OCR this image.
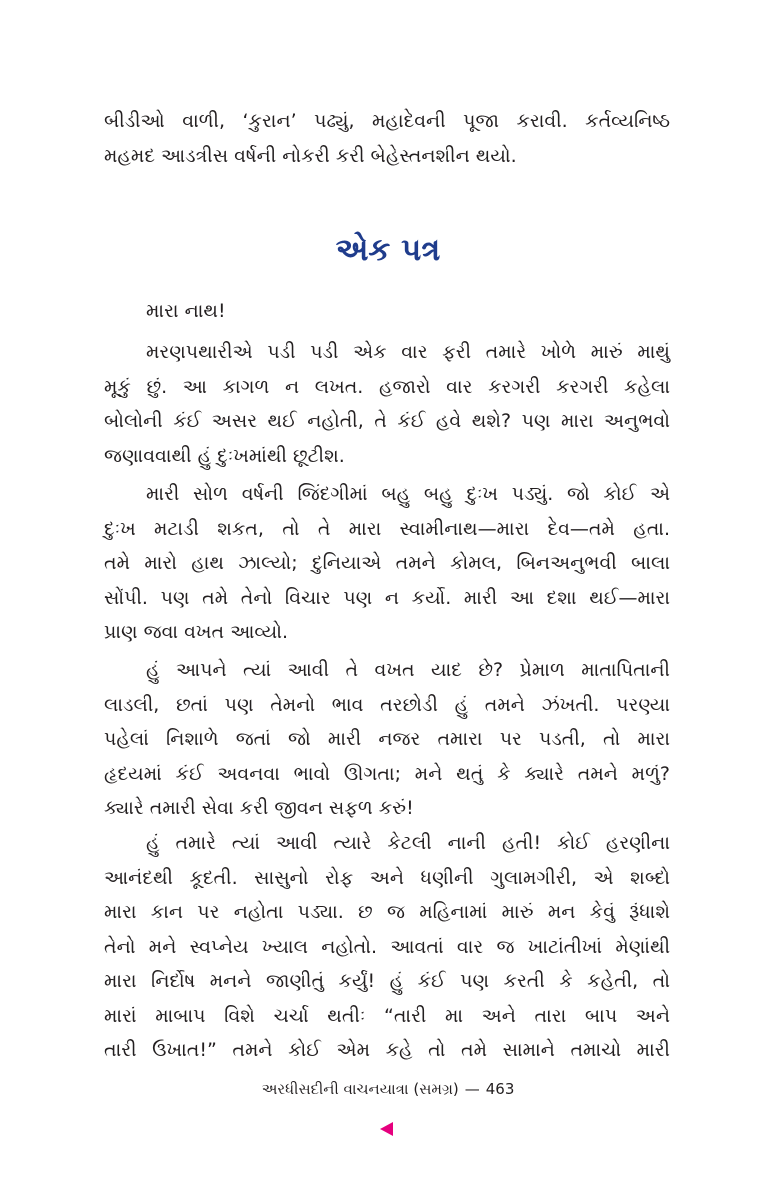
બીડીઓ વાળી, ‘કુરાન’ પઢ્યું, મહાદેવની પૂજા કરાવી. કર્તવ્યનિષ્ઠ
મહમદ આડત્રીસ વર્ષની નોકરી કરી બેહેસ્તનશીન થયો.
એક પત્ર
મારા નાથ!
મરણપથારીએ પડી પડી એક વાર ફરી તમારે ખોળે મારું માથું
મૂકું છું. આ કાગળ ન લખત. હજારો વાર કરગરી કરગરી કહેલા
બોલોની કંઈ અસર થઈ નહોતી, તે કંઈ હવે થશે? પણ મારા અનુભવો
જણાવવાથી હું દુઃખમાંથી છૂટીશ.
મારી સોળ વર્ષની જિંદગીમાં બહુ બહુ દુઃખ પડ્યું. જો કોઈ એ
દુઃખ મટાડી શકત, તો તે મારા સ્વામીનાથ—મારા દેવ—તમે હતા.
તમે મારો હાથ ઝાલ્યો; દુનિયાએ તમને કોમલ, બિનઅનુભવી બાલા
સોંપી. પણ તમે તેનો વિચાર પણ ન કર્યો. મારી આ દશા થઈ—મારા
પ્રાણ જવા વખત આવ્યો.
હું આપને ત્યાં આવી તે વખત યાદ છે? પ્રેમાળ માતાપિતાની
લાડલી, છતાં પણ તેમનો ભાવ તરછોડી હું તમને ઝંખતી. પરણ્યા
પહેલાં નિશાળે જતાં જો મારી નજર તમારા પર પડતી, તો મારા
હૃદયમાં કંઈ અવનવા ભાવો ઊગતા; મને થતું કે ક્યારે તમને મળું?
ક્યારે તમારી સેવા કરી જીવન સફળ કરું!
હું તમારે ત્યાં આવી ત્યારે કેટલી નાની હતી! કોઈ હરણીના
આનંદથી કૂદતી. સાસુનો રોફ અને ધણીની ગુલામગીરી, એ શબ્દો
મારા કાન પર નહોતા પડ્યા. છ જ મહિનામાં મારું મન કેવું રૂંધાશે
તેનો મને સ્વપ્નેય ખ્યાલ નહોતો. આવતાં વાર જ ખાટાંતીખાં મેણાંથી
મારા નિર્દોષ મનને જાણીતું કર્યું! હું કંઈ પણ કરતી કે કહેતી, તો
મારાં માબાપ વિશે ચર્ચા થતીઃ “તારી મા અને તારા બાપ અને
તારી ઉખાત!” તમને કોઈ એમ કહે તો તમે સામાને તમાચો મારી
અરધીસદીની વાચનયાત્રા (સમગ્ર) — 463
